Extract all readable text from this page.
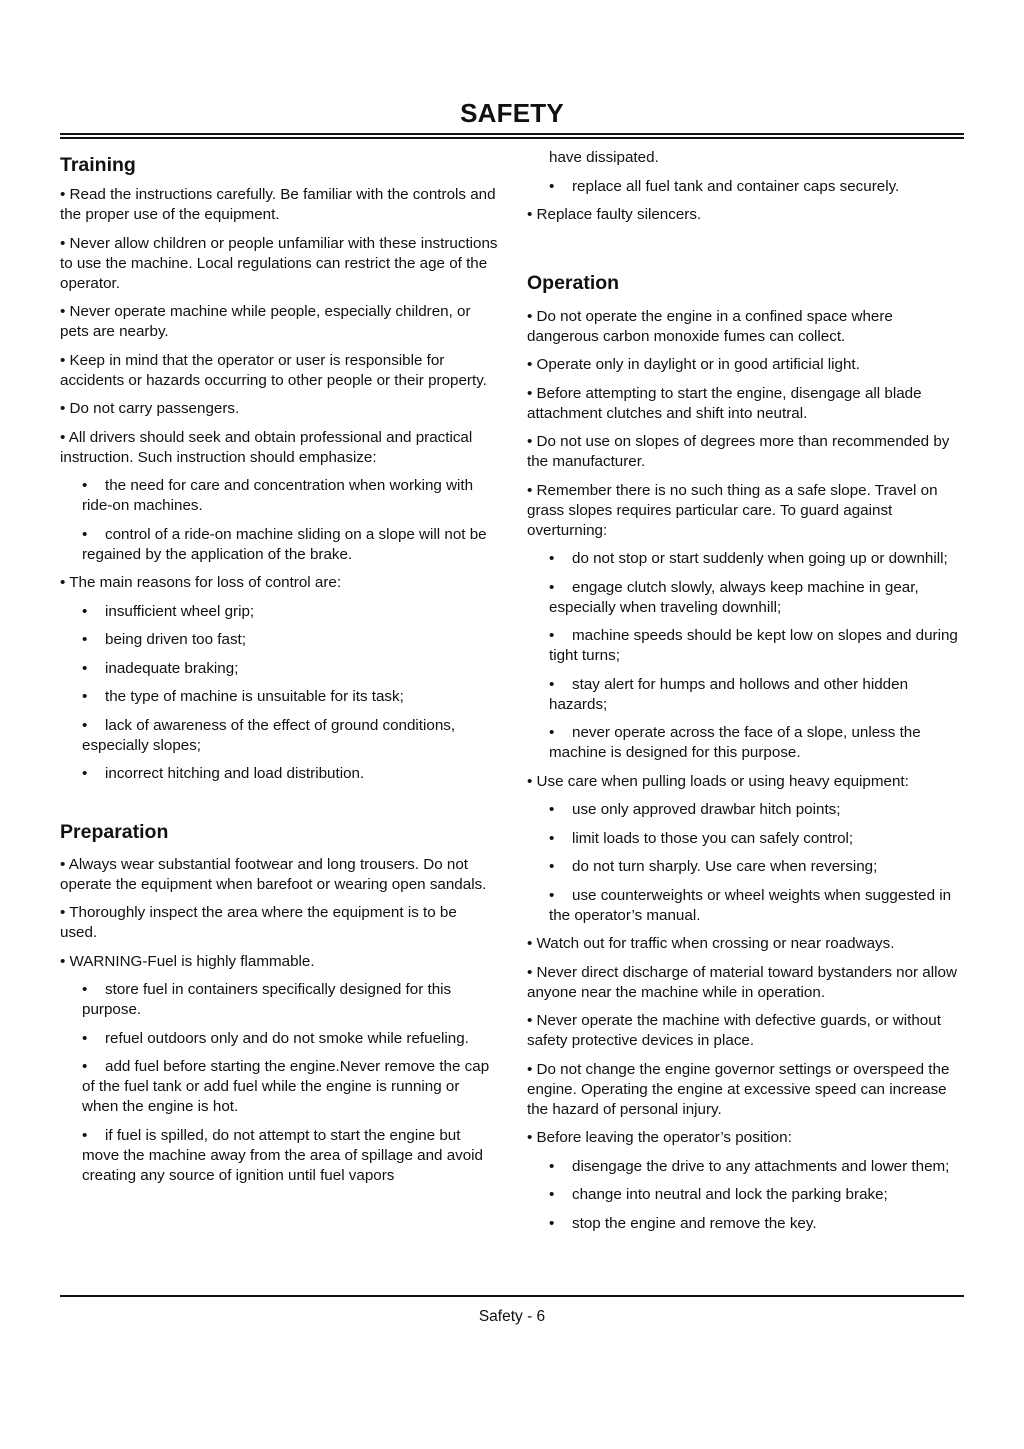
SAFETY
Training

• Read the instructions carefully. Be familiar with the controls and the proper use of the equipment.

• Never allow children or people unfamiliar with these instructions to use the machine. Local regulations can restrict the age of the operator.

• Never operate machine while people, especially children, or pets are nearby.

• Keep in mind that the operator or user is responsible for accidents or hazards occurring to other people or their property.

• Do not carry passengers.

• All drivers should seek and obtain professional and practical instruction. Such instruction should emphasize:

• the need for care and concentration when working with ride-on machines.

• control of a ride-on machine sliding on a slope will not be regained by the application of the brake.

• The main reasons for loss of control are:

• insufficient wheel grip;

• being driven too fast;

• inadequate braking;

• the type of machine is unsuitable for its task;

• lack of awareness of the effect of ground conditions, especially slopes;

• incorrect hitching and load distribution.

Preparation

• Always wear substantial footwear and long trousers. Do not operate the equipment when barefoot or wearing open sandals.

• Thoroughly inspect the area where the equipment is to be used.

• WARNING-Fuel is highly flammable.

• store fuel in containers specifically designed for this purpose.

• refuel outdoors only and do not smoke while refueling.

• add fuel before starting the engine.Never remove the cap of the fuel tank or add fuel while the engine is running or when the engine is hot.

• if fuel is spilled, do not attempt to start the engine but move the machine away from the area of spillage and avoid creating any source of ignition until fuel vapors

have dissipated.

• replace all fuel tank and container caps securely.

• Replace faulty silencers.

Operation

• Do not operate the engine in a confined space where dangerous carbon monoxide fumes can collect.

• Operate only in daylight or in good artificial light.

• Before attempting to start the engine, disengage all blade attachment clutches and shift into neutral.

• Do not use on slopes of degrees more than recommended by the manufacturer.

• Remember there is no such thing as a safe slope. Travel on grass slopes requires particular care. To guard against overturning:

• do not stop or start suddenly when going up or downhill;

• engage clutch slowly, always keep machine in gear, especially when traveling downhill;

• machine speeds should be kept low on slopes and during tight turns;

• stay alert for humps and hollows and other hidden hazards;

• never operate across the face of a slope, unless the machine is designed for this purpose.

• Use care when pulling loads or using heavy equipment:

• use only approved drawbar hitch points;

• limit loads to those you can safely control;

• do not turn sharply. Use care when reversing;

• use counterweights or wheel weights when suggested in the operator’s manual.

• Watch out for traffic when crossing or near roadways.

• Never direct discharge of material toward bystanders nor allow anyone near the machine while in operation.

• Never operate the machine with defective guards, or without safety protective devices in place.

• Do not change the engine governor settings or overspeed the engine. Operating the engine at excessive speed can increase the hazard of personal injury.

• Before leaving the operator’s position:

• disengage the drive to any attachments and lower them;

• change into neutral and lock the parking brake;

• stop the engine and remove the key.

Safety - 6
